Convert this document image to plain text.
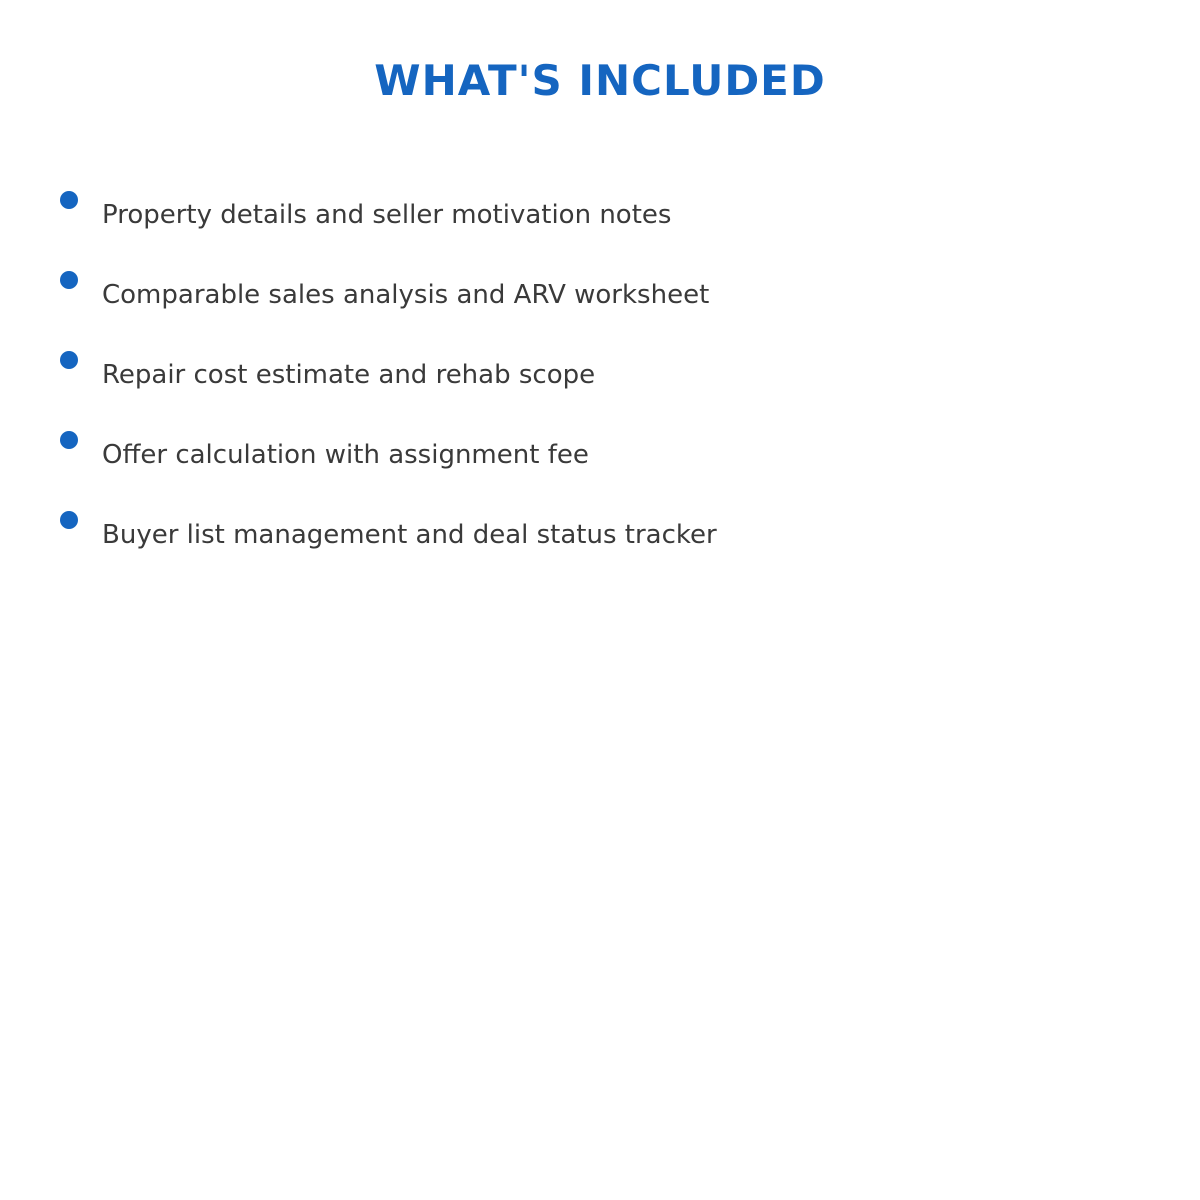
WHAT'S INCLUDED
Property details and seller motivation notes
Comparable sales analysis and ARV worksheet
Repair cost estimate and rehab scope
Offer calculation with assignment fee
Buyer list management and deal status tracker
